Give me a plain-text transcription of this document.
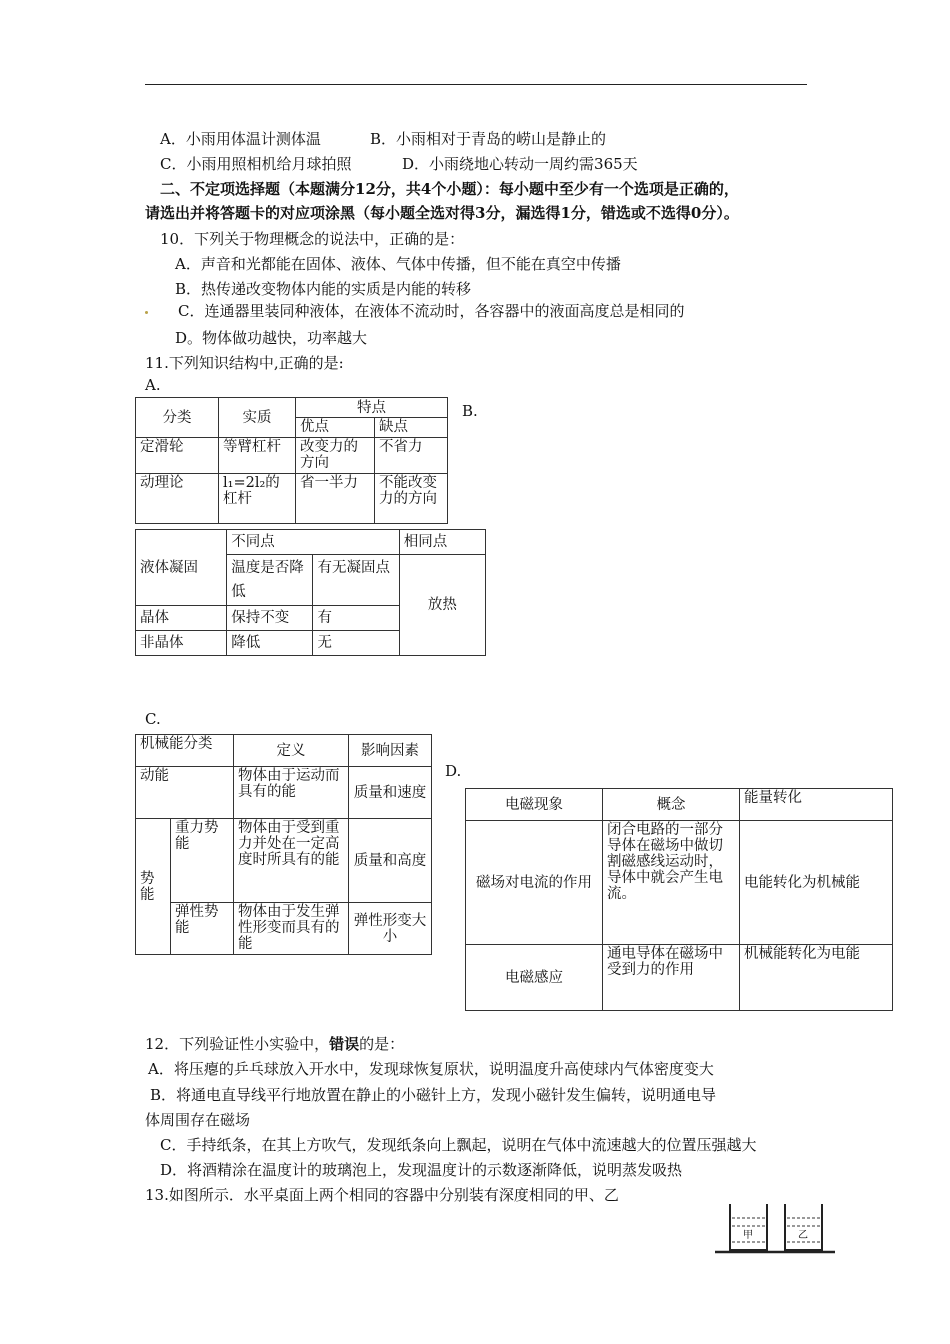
A．小雨用体温计测体温	B．小雨相对于青岛的崂山是静止的
C．小雨用照相机给月球拍照	D．小雨绕地心转动一周约需365天
二、不定项选择题（本题满分12分，共4个小题）：每小题中至少有一个选项是正确的，
请选出并将答题卡的对应项涂黑（每小题全选对得3分，漏选得1分，错选或不选得0分）。
10．下列关于物理概念的说法中，正确的是：
A．声音和光都能在固体、液体、气体中传播，但不能在真空中传播
B．热传递改变物体内能的实质是内能的转移
C．连通器里装同种液体，在液体不流动时，各容器中的液面高度总是相同的
D。物体做功越快，功率越大
11.下列知识结构中,正确的是:
A.
B.
分类	实质	特点	
		优点	缺点
定滑轮	等臂杠杆	改变力的方向	不省力
动理论	l₁=2l₂的杠杆	省一半力	不能改变力的方向
液体凝固	不同点		相同点
	温度是否降低	有无凝固点	放热
晶体	保持不变	有	
非晶体	降低	无	
C.
D.
机械能分类		定义	影响因素
动能		物体由于运动而具有的能	质量和速度
势能	重力势能	物体由于受到重力并处在一定高度时所具有的能	质量和高度
	弹性势能	物体由于发生弹性形变而具有的能	弹性形变大小
电磁现象	概念	能量转化
磁场对电流的作用	闭合电路的一部分导体在磁场中做切割磁感线运动时，导体中就会产生电流。	电能转化为机械能
电磁感应	通电导体在磁场中受到力的作用	机械能转化为电能
12．下列验证性小实验中，错误的是：
A．将压瘪的乒乓球放入开水中，发现球恢复原状，说明温度升高使球内气体密度变大
B．将通电直导线平行地放置在静止的小磁针上方，发现小磁针发生偏转，说明通电导
体周围存在磁场
C．手持纸条，在其上方吹气，发现纸条向上飘起，说明在气体中流速越大的位置压强越大
D．将酒精涂在温度计的玻璃泡上，发现温度计的示数逐渐降低，说明蒸发吸热
13.如图所示．水平桌面上两个相同的容器中分别装有深度相同的甲、乙
甲	乙
